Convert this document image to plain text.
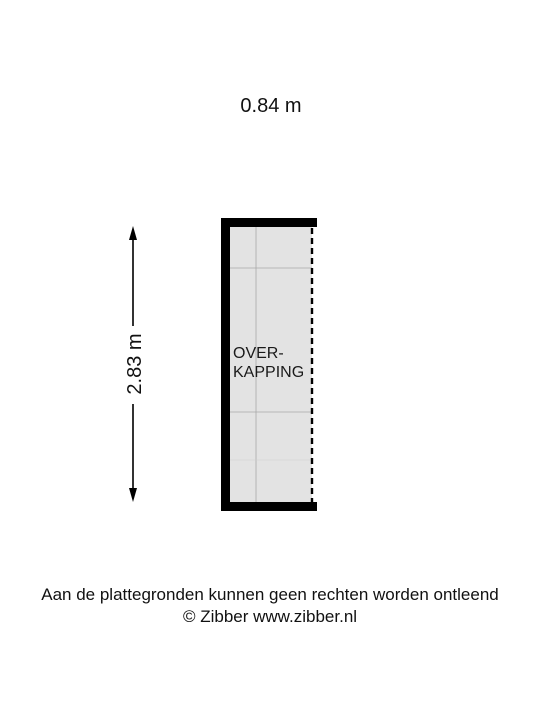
0.84 m
2.83 m	OVER-
KAPPING
Aan de plattegronden kunnen geen rechten worden ontleend
© Zibber www.zibber.nl
